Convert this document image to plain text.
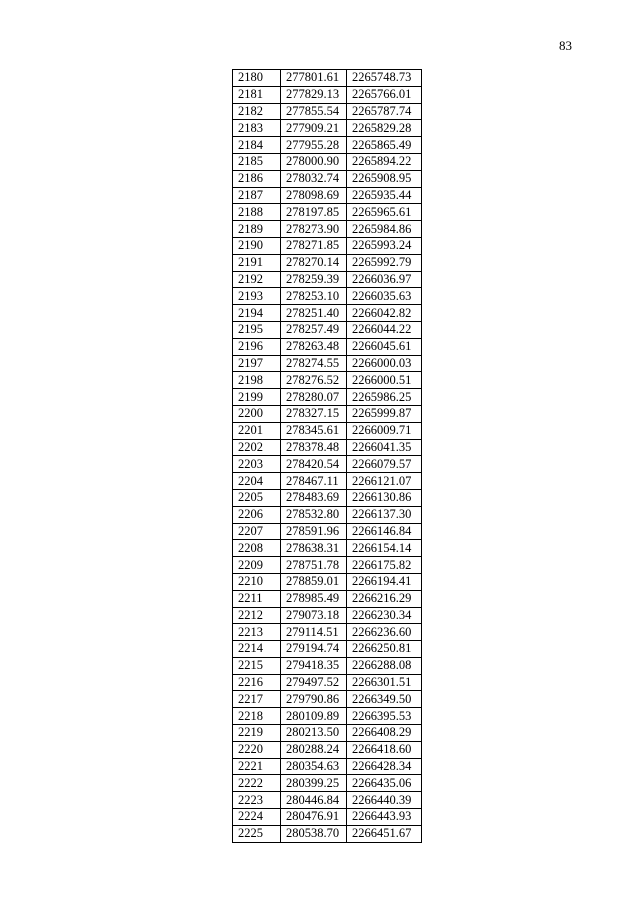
83
2180	277801.61	2265748.73
2181	277829.13	2265766.01
2182	277855.54	2265787.74
2183	277909.21	2265829.28
2184	277955.28	2265865.49
2185	278000.90	2265894.22
2186	278032.74	2265908.95
2187	278098.69	2265935.44
2188	278197.85	2265965.61
2189	278273.90	2265984.86
2190	278271.85	2265993.24
2191	278270.14	2265992.79
2192	278259.39	2266036.97
2193	278253.10	2266035.63
2194	278251.40	2266042.82
2195	278257.49	2266044.22
2196	278263.48	2266045.61
2197	278274.55	2266000.03
2198	278276.52	2266000.51
2199	278280.07	2265986.25
2200	278327.15	2265999.87
2201	278345.61	2266009.71
2202	278378.48	2266041.35
2203	278420.54	2266079.57
2204	278467.11	2266121.07
2205	278483.69	2266130.86
2206	278532.80	2266137.30
2207	278591.96	2266146.84
2208	278638.31	2266154.14
2209	278751.78	2266175.82
2210	278859.01	2266194.41
2211	278985.49	2266216.29
2212	279073.18	2266230.34
2213	279114.51	2266236.60
2214	279194.74	2266250.81
2215	279418.35	2266288.08
2216	279497.52	2266301.51
2217	279790.86	2266349.50
2218	280109.89	2266395.53
2219	280213.50	2266408.29
2220	280288.24	2266418.60
2221	280354.63	2266428.34
2222	280399.25	2266435.06
2223	280446.84	2266440.39
2224	280476.91	2266443.93
2225	280538.70	2266451.67
